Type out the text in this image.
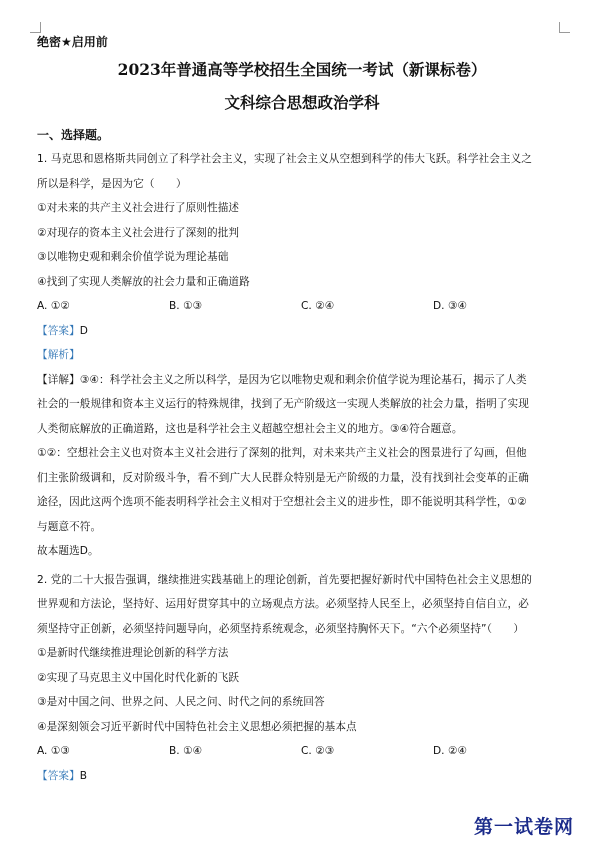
绝密★启用前

2023年普通高等学校招生全国统一考试（新课标卷）

文科综合思想政治学科

一、选择题。

1. 马克思和恩格斯共同创立了科学社会主义，实现了社会主义从空想到科学的伟大飞跃。科学社会主义之

所以是科学，是因为它（　　）

①对未来的共产主义社会进行了原则性描述

②对现存的资本主义社会进行了深刻的批判

③以唯物史观和剩余价值学说为理论基础

④找到了实现人类解放的社会力量和正确道路

A. ①②	B. ①③	C. ②④	D. ③④

【答案】D

【解析】

【详解】③④：科学社会主义之所以科学，是因为它以唯物史观和剩余价值学说为理论基石，揭示了人类

社会的一般规律和资本主义运行的特殊规律，找到了无产阶级这一实现人类解放的社会力量，指明了实现

人类彻底解放的正确道路，这也是科学社会主义超越空想社会主义的地方。③④符合题意。

①②：空想社会主义也对资本主义社会进行了深刻的批判，对未来共产主义社会的图景进行了勾画，但他

们主张阶级调和，反对阶级斗争，看不到广大人民群众特别是无产阶级的力量，没有找到社会变革的正确

途径，因此这两个选项不能表明科学社会主义相对于空想社会主义的进步性，即不能说明其科学性，①②

与题意不符。

故本题选D。

2. 党的二十大报告强调，继续推进实践基础上的理论创新，首先要把握好新时代中国特色社会主义思想的

世界观和方法论，坚持好、运用好贯穿其中的立场观点方法。必须坚持人民至上，必须坚持自信自立，必

须坚持守正创新，必须坚持问题导向，必须坚持系统观念，必须坚持胸怀天下。“六个必须坚持”（　　）

①是新时代继续推进理论创新的科学方法

②实现了马克思主义中国化时代化新的飞跃

③是对中国之问、世界之问、人民之问、时代之问的系统回答

④是深刻领会习近平新时代中国特色社会主义思想必须把握的基本点

A. ①③	B. ①④	C. ②③	D. ②④

【答案】B

第一试卷网
